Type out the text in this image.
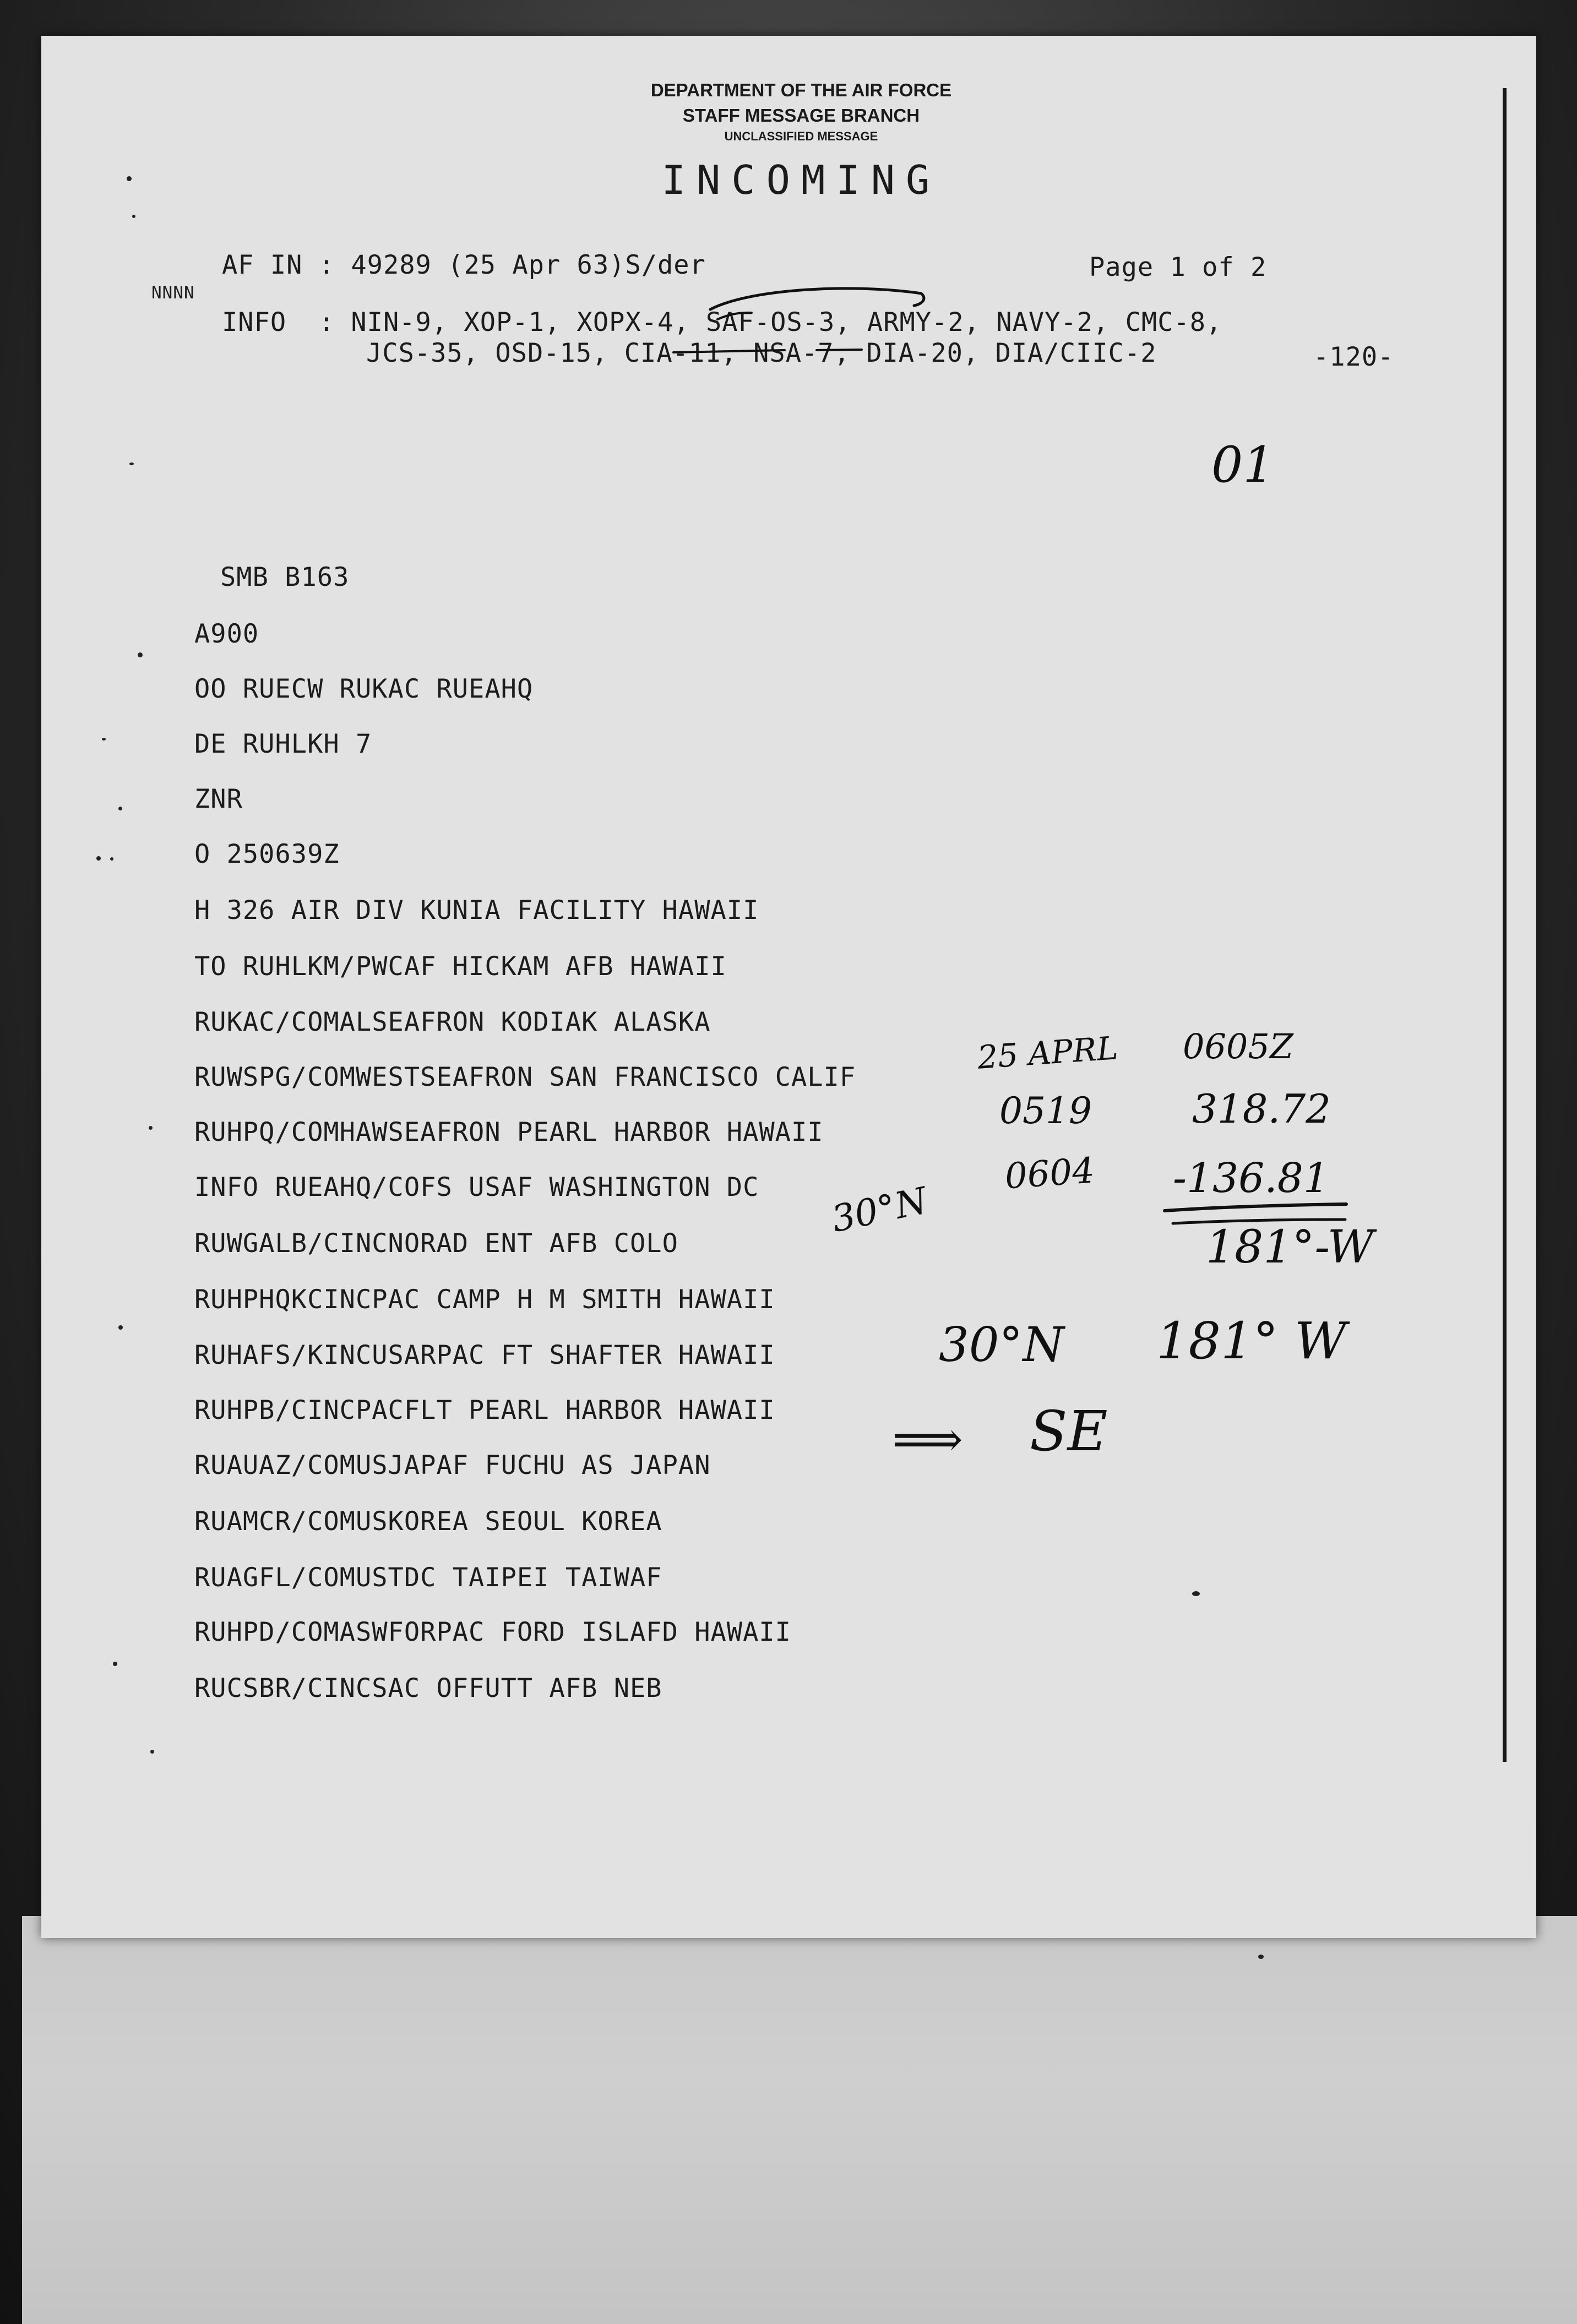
DEPARTMENT OF THE AIR FORCE
STAFF MESSAGE BRANCH
UNCLASSIFIED MESSAGE
INCOMING
AF IN : 49289 (25 Apr 63)S/der	Page 1 of 2
NNNN
INFO  : NIN-9, XOP-1, XOPX-4, SAF-OS-3, ARMY-2, NAVY-2, CMC-8,
JCS-35, OSD-15, CIA-11, NSA-7, DIA-20, DIA/CIIC-2	-120-
SMB B163
A900
OO RUECW RUKAC RUEAHQ
DE RUHLKH 7
ZNR
O 250639Z
H 326 AIR DIV KUNIA FACILITY HAWAII
TO RUHLKM/PWCAF HICKAM AFB HAWAII
RUKAC/COMALSEAFRON KODIAK ALASKA
RUWSPG/COMWESTSEAFRON SAN FRANCISCO CALIF
RUHPQ/COMHAWSEAFRON PEARL HARBOR HAWAII
INFO RUEAHQ/COFS USAF WASHINGTON DC
RUWGALB/CINCNORAD ENT AFB COLO
RUHPHQKCINCPAC CAMP H M SMITH HAWAII
RUHAFS/KINCUSARPAC FT SHAFTER HAWAII
RUHPB/CINCPACFLT PEARL HARBOR HAWAII
RUAUAZ/COMUSJAPAF FUCHU AS JAPAN
RUAMCR/COMUSKOREA SEOUL KOREA
RUAGFL/COMUSTDC TAIPEI TAIWAF
RUHPD/COMASWFORPAC FORD ISLAFD HAWAII
RUCSBR/CINCSAC OFFUTT AFB NEB
01
25 APRL 0605Z
0519	318.72
30°N
0604 -136.81
181°-W
30°N 181° W
⟹ SE
